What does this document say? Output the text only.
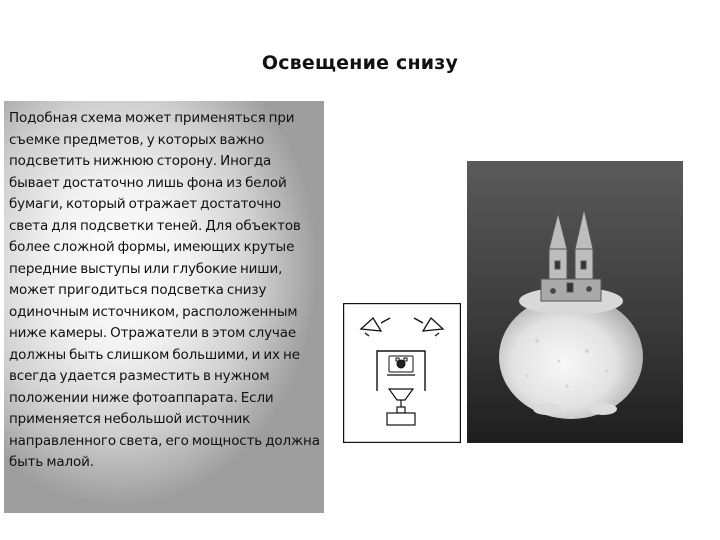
Освещение снизу

Подобная схема может применяться при съемке предметов, у которых важно подсветить нижнюю сторону. Иногда бывает достаточно лишь фона из белой бумаги, который отражает достаточно света для подсветки теней. Для объектов более сложной формы, имеющих крутые передние выступы или глубокие ниши, может пригодиться подсветка снизу одиночным источником, расположенным ниже камеры. Отражатели в этом случае должны быть слишком большими, и их не всегда удается разместить в нужном положении ниже фотоаппарата. Если применяется небольшой источник направленного света, его мощность должна быть малой.
